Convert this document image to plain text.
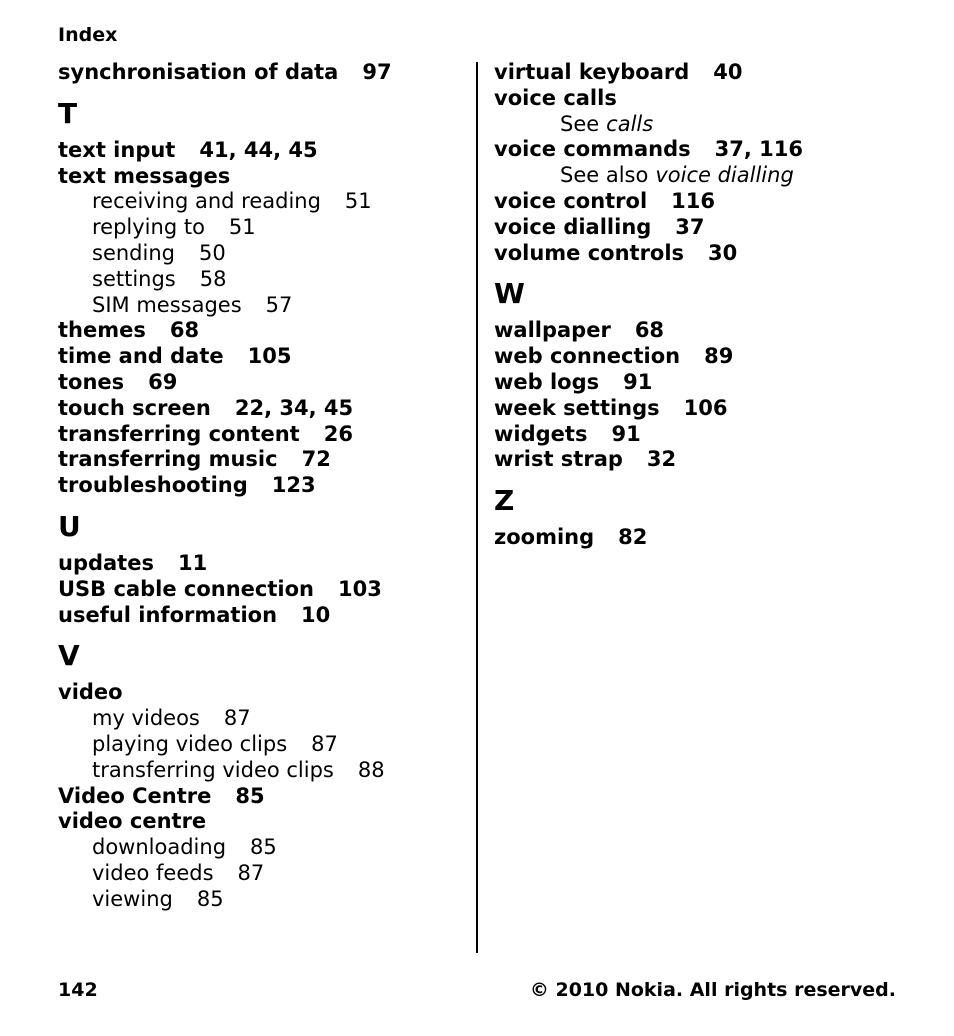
Index
synchronisation of data 97
T
text input 41, 44, 45
text messages
receiving and reading 51
replying to 51
sending 50
settings 58
SIM messages 57
themes 68
time and date 105
tones 69
touch screen 22, 34, 45
transferring content 26
transferring music 72
troubleshooting 123
U
updates 11
USB cable connection 103
useful information 10
V
video
my videos 87
playing video clips 87
transferring video clips 88
Video Centre 85
video centre
downloading 85
video feeds 87
viewing 85
virtual keyboard 40
voice calls
See calls
voice commands 37, 116
See also voice dialling
voice control 116
voice dialling 37
volume controls 30
W
wallpaper 68
web connection 89
web logs 91
week settings 106
widgets 91
wrist strap 32
Z
zooming 82
142	© 2010 Nokia. All rights reserved.
